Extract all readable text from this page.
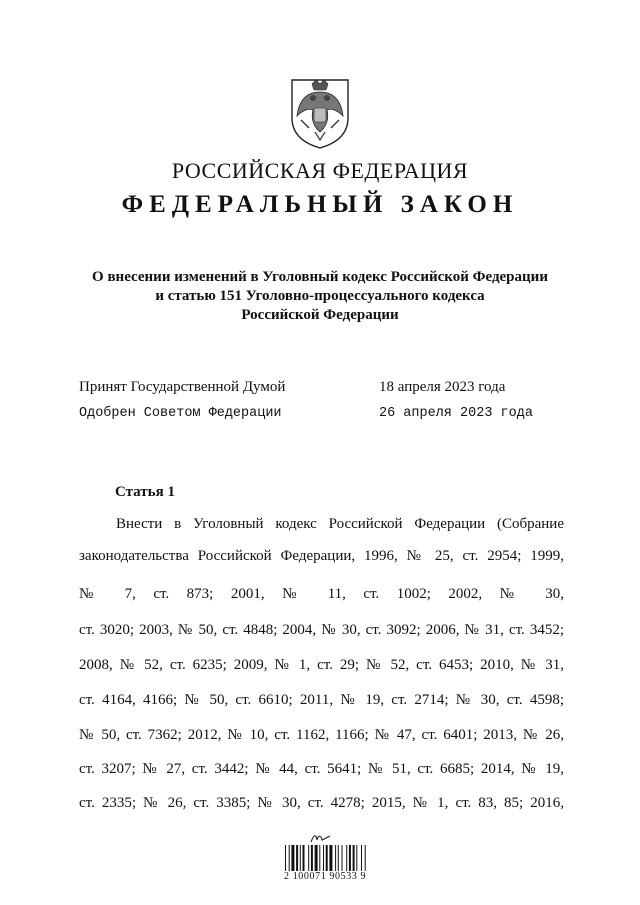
РОССИЙСКАЯ ФЕДЕРАЦИЯ
ФЕДЕРАЛЬНЫЙ ЗАКОН
О внесении изменений в Уголовный кодекс Российской Федерации
и статью 151 Уголовно-процессуального кодекса
Российской Федерации
Принят Государственной Думой	18 апреля 2023 года
Одобрен Советом Федерации	26 апреля 2023 года
Статья 1
Внести в Уголовный кодекс Российской Федерации (Собрание
законодательства Российской Федерации, 1996, № 25, ст. 2954; 1999,
№ 7, ст. 873; 2001, № 11, ст. 1002; 2002, № 30,
ст. 3020; 2003, № 50, ст. 4848; 2004, № 30, ст. 3092; 2006, № 31, ст. 3452;
2008, № 52, ст. 6235; 2009, № 1, ст. 29; № 52, ст. 6453; 2010, № 31,
ст. 4164, 4166; № 50, ст. 6610; 2011, № 19, ст. 2714; № 30, ст. 4598;
№ 50, ст. 7362; 2012, № 10, ст. 1162, 1166; № 47, ст. 6401; 2013, № 26,
ст. 3207; № 27, ст. 3442; № 44, ст. 5641; № 51, ст. 6685; 2014, № 19,
ст. 2335; № 26, ст. 3385; № 30, ст. 4278; 2015, № 1, ст. 83, 85; 2016,
2 100071 90533 9
